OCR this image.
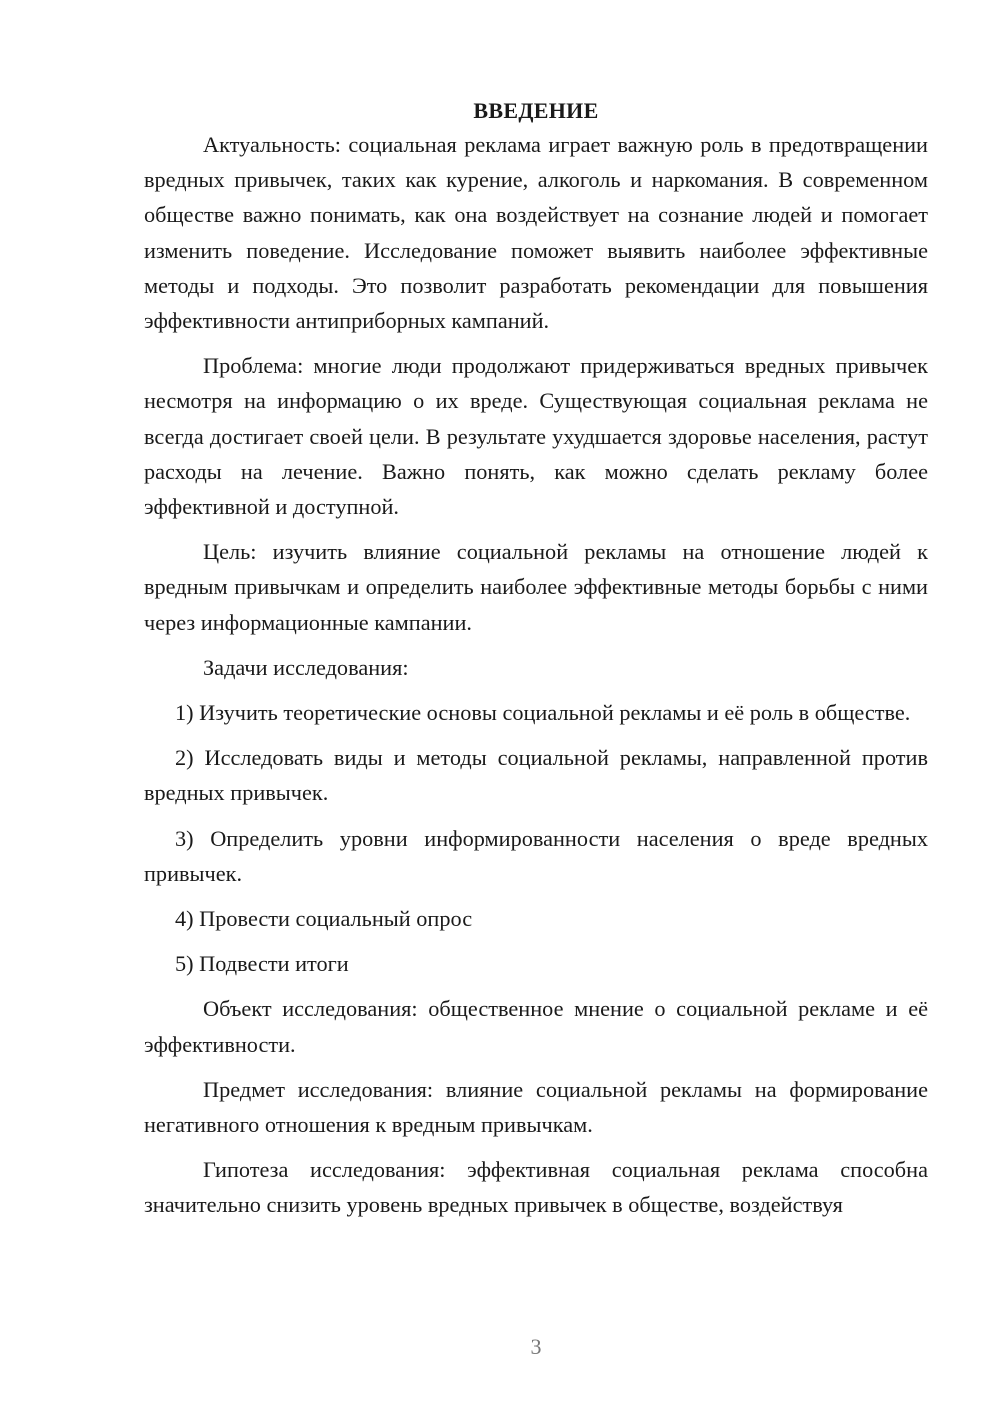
ВВЕДЕНИЕ

Актуальность: социальная реклама играет важную роль в предотвращении вредных привычек, таких как курение, алкоголь и наркомания. В современном обществе важно понимать, как она воздействует на сознание людей и помогает изменить поведение. Исследование поможет выявить наиболее эффективные методы и подходы. Это позволит разработать рекомендации для повышения эффективности антиприборных кампаний.

Проблема: многие люди продолжают придерживаться вредных привычек несмотря на информацию о их вреде. Существующая социальная реклама не всегда достигает своей цели. В результате ухудшается здоровье населения, растут расходы на лечение. Важно понять, как можно сделать рекламу более эффективной и доступной.

Цель: изучить влияние социальной рекламы на отношение людей к вредным привычкам и определить наиболее эффективные методы борьбы с ними через информационные кампании.

Задачи исследования:

1) Изучить теоретические основы социальной рекламы и её роль в обществе.

2) Исследовать виды и методы социальной рекламы, направленной против вредных привычек.

3) Определить уровни информированности населения о вреде вредных привычек.

4) Провести социальный опрос

5) Подвести итоги

Объект исследования: общественное мнение о социальной рекламе и её эффективности.

Предмет исследования: влияние социальной рекламы на формирование негативного отношения к вредным привычкам.

Гипотеза исследования: эффективная социальная реклама способна значительно снизить уровень вредных привычек в обществе, воздействуя

3
